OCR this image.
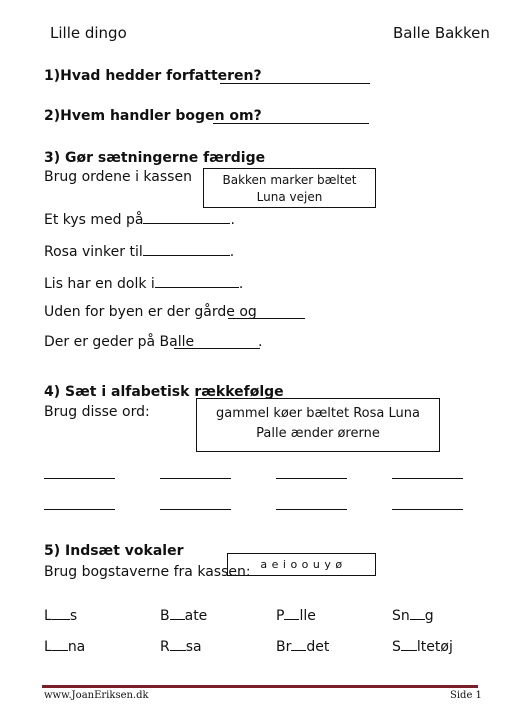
Lille dingo	Balle Bakken
1)Hvad hedder forfatteren?
2)Hvem handler bogen om?
3) Gør sætningerne færdige
Brug ordene i kassen	Bakken marker bæltet
Luna vejen
Et kys med på	.
Rosa vinker til	.
Lis har en dolk i	.
Uden for byen er der gårde og
Der er geder på Balle	.
4) Sæt i alfabetisk rækkefølge
Brug disse ord:	gammel køer bæltet Rosa Luna
Palle ænder ørerne
5) Indsæt vokaler
Brug bogstaverne fra kassen: a e i o o u y ø
L s	B ate	P lle	Sn g
L na	R sa	Br det	S ltetøj
www.JoanEriksen.dk	Side 1
